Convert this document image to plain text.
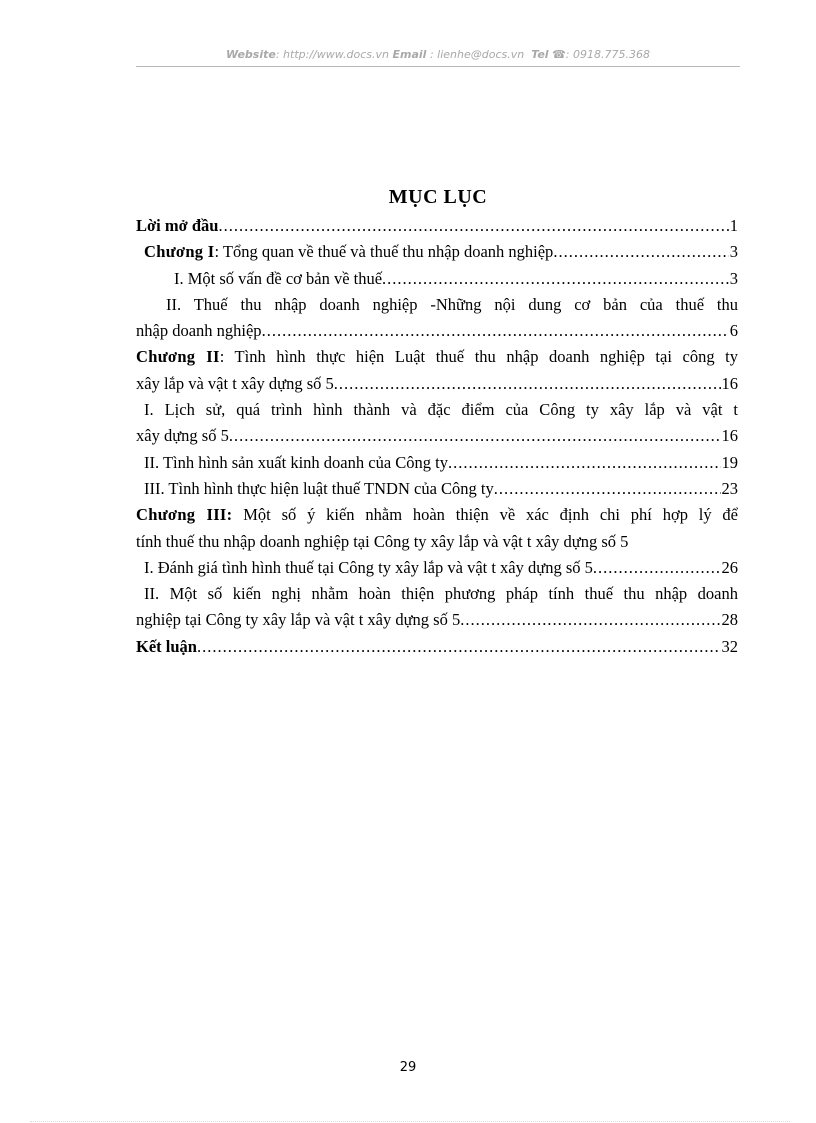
Website: http://www.docs.vn Email : lienhe@docs.vn Tel ☎: 0918.775.368
MỤC LỤC
Lời mở đầu .....	1
Chương I : Tổng quan về thuế và thuế thu nhập doanh nghiệp .....	3
I. Một số vấn đề cơ bản về thuế .....	3
II. Thuế thu nhập doanh nghiệp -Những nội dung cơ bản của thuế thu
nhập doanh nghiệp .....	6
Chương II: Tình hình thực hiện Luật thuế thu nhập doanh nghiệp tại công ty
xây lắp và vật t xây dựng số 5 .....	16
I. Lịch sử, quá trình hình thành và đặc điểm của Công ty xây lắp và vật t
xây dựng số 5 .....	16
II. Tình hình sản xuất kinh doanh của Công ty .....	19
III. Tình hình thực hiện luật thuế TNDN của Công ty .....	23
Chương III: Một số ý kiến nhằm hoàn thiện về xác định chi phí hợp lý để
tính thuế thu nhập doanh nghiệp tại Công ty xây lắp và vật t xây dựng số 5
I. Đánh giá tình hình thuế tại Công ty xây lắp và vật t xây dựng số 5 .....	26
II. Một số kiến nghị nhằm hoàn thiện phương pháp tính thuế thu nhập doanh
nghiệp tại Công ty xây lắp và vật t xây dựng số 5 .....	28
Kết luận .....	32
29
